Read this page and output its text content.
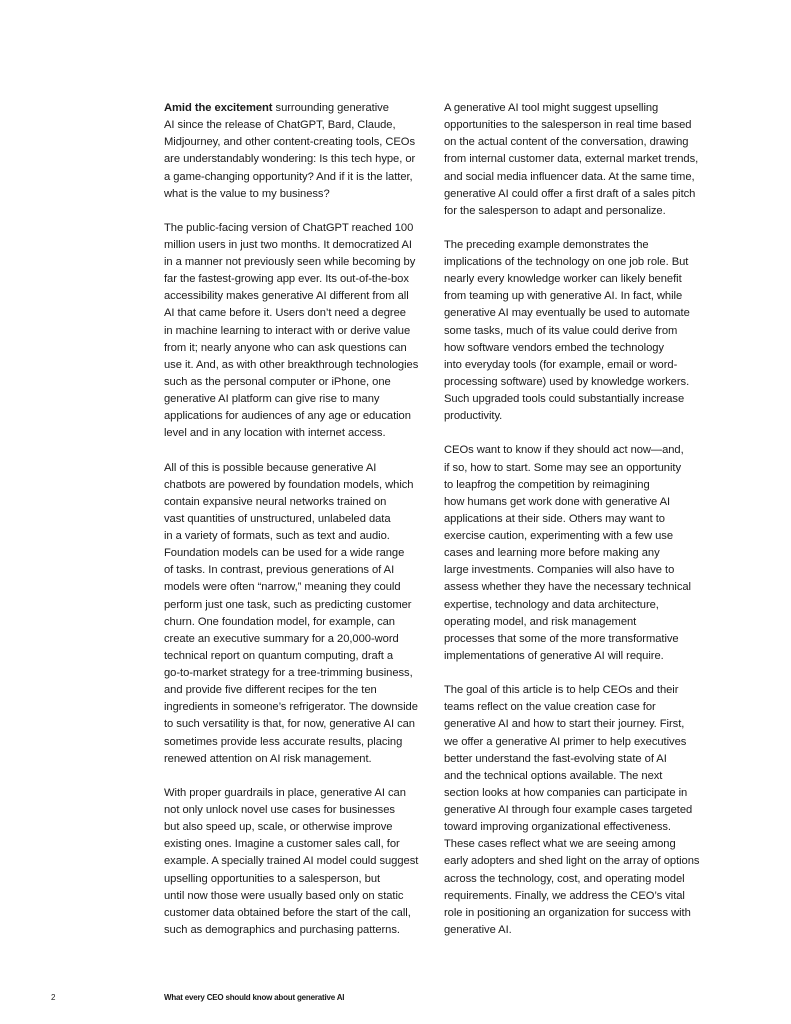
Amid the excitement surrounding generative
AI since the release of ChatGPT, Bard, Claude,
Midjourney, and other content-creating tools, CEOs
are understandably wondering: Is this tech hype, or
a game-changing opportunity? And if it is the latter,
what is the value to my business?

The public-facing version of ChatGPT reached 100
million users in just two months. It democratized AI
in a manner not previously seen while becoming by
far the fastest-growing app ever. Its out-of-the-box
accessibility makes generative AI different from all
AI that came before it. Users don’t need a degree
in machine learning to interact with or derive value
from it; nearly anyone who can ask questions can
use it. And, as with other breakthrough technologies
such as the personal computer or iPhone, one
generative AI platform can give rise to many
applications for audiences of any age or education
level and in any location with internet access.

All of this is possible because generative AI
chatbots are powered by foundation models, which
contain expansive neural networks trained on
vast quantities of unstructured, unlabeled data
in a variety of formats, such as text and audio.
Foundation models can be used for a wide range
of tasks. In contrast, previous generations of AI
models were often “narrow,” meaning they could
perform just one task, such as predicting customer
churn. One foundation model, for example, can
create an executive summary for a 20,000-word
technical report on quantum computing, draft a
go-to-market strategy for a tree-trimming business,
and provide five different recipes for the ten
ingredients in someone’s refrigerator. The downside
to such versatility is that, for now, generative AI can
sometimes provide less accurate results, placing
renewed attention on AI risk management.

With proper guardrails in place, generative AI can
not only unlock novel use cases for businesses
but also speed up, scale, or otherwise improve
existing ones. Imagine a customer sales call, for
example. A specially trained AI model could suggest
upselling opportunities to a salesperson, but
until now those were usually based only on static
customer data obtained before the start of the call,
such as demographics and purchasing patterns.

A generative AI tool might suggest upselling
opportunities to the salesperson in real time based
on the actual content of the conversation, drawing
from internal customer data, external market trends,
and social media influencer data. At the same time,
generative AI could offer a first draft of a sales pitch
for the salesperson to adapt and personalize.

The preceding example demonstrates the
implications of the technology on one job role. But
nearly every knowledge worker can likely benefit
from teaming up with generative AI. In fact, while
generative AI may eventually be used to automate
some tasks, much of its value could derive from
how software vendors embed the technology
into everyday tools (for example, email or word-
processing software) used by knowledge workers.
Such upgraded tools could substantially increase
productivity.

CEOs want to know if they should act now—and,
if so, how to start. Some may see an opportunity
to leapfrog the competition by reimagining
how humans get work done with generative AI
applications at their side. Others may want to
exercise caution, experimenting with a few use
cases and learning more before making any
large investments. Companies will also have to
assess whether they have the necessary technical
expertise, technology and data architecture,
operating model, and risk management
processes that some of the more transformative
implementations of generative AI will require.

The goal of this article is to help CEOs and their
teams reflect on the value creation case for
generative AI and how to start their journey. First,
we offer a generative AI primer to help executives
better understand the fast-evolving state of AI
and the technical options available. The next
section looks at how companies can participate in
generative AI through four example cases targeted
toward improving organizational effectiveness.
These cases reflect what we are seeing among
early adopters and shed light on the array of options
across the technology, cost, and operating model
requirements. Finally, we address the CEO’s vital
role in positioning an organization for success with
generative AI.

2	What every CEO should know about generative AI
